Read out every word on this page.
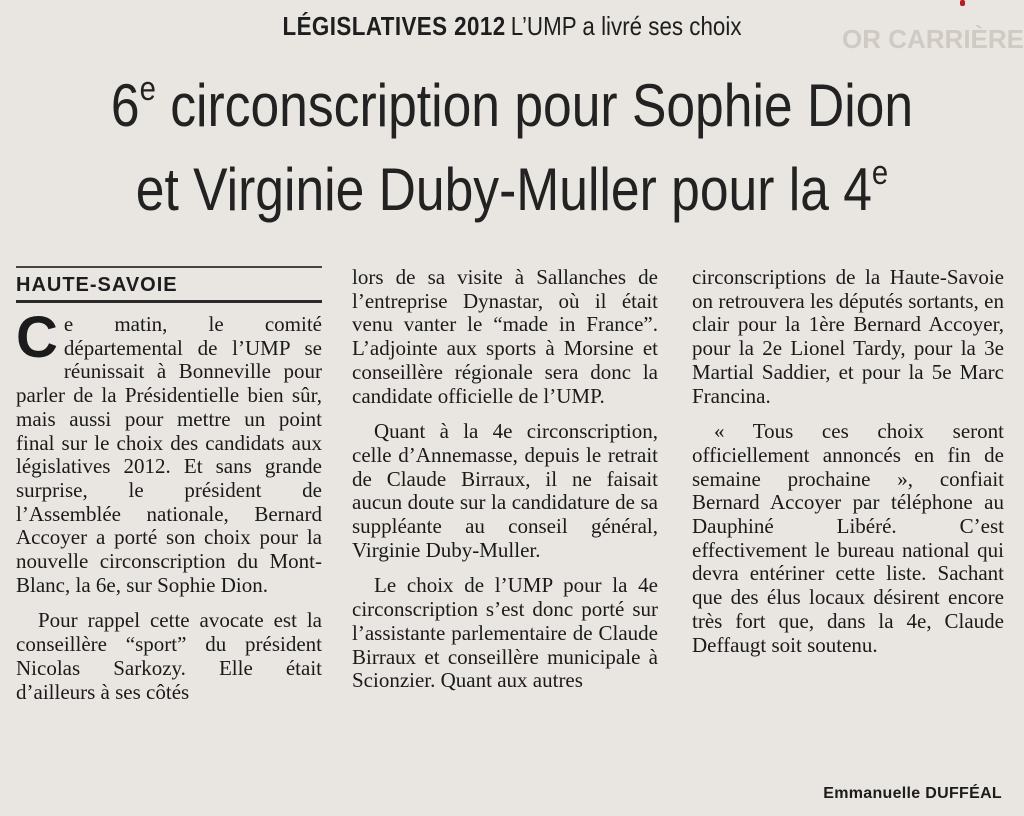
OR CARRIÈRE
LÉGISLATIVES 2012 L’UMP a livré ses choix
6e circonscription pour Sophie Dion
et Virginie Duby-Muller pour la 4e
HAUTE-SAVOIE

Ce matin, le comité départemental de l’UMP se réunissait à Bonneville pour parler de la Présidentielle bien sûr, mais aussi pour mettre un point final sur le choix des candidats aux législatives 2012. Et sans grande surprise, le président de l’Assemblée nationale, Bernard Accoyer a porté son choix pour la nouvelle circonscription du Mont-Blanc, la 6e, sur Sophie Dion.

Pour rappel cette avocate est la conseillère “sport” du président Nicolas Sarkozy. Elle était d’ailleurs à ses côtés

lors de sa visite à Sallanches de l’entreprise Dynastar, où il était venu vanter le “made in France”. L’adjointe aux sports à Morsine et conseillère régionale sera donc la candidate officielle de l’UMP.

Quant à la 4e circonscription, celle d’Annemasse, depuis le retrait de Claude Birraux, il ne faisait aucun doute sur la candidature de sa suppléante au conseil général, Virginie Duby-Muller.

Le choix de l’UMP pour la 4e circonscription s’est donc porté sur l’assistante parlementaire de Claude Birraux et conseillère municipale à Scionzier. Quant aux autres

circonscriptions de la Haute-Savoie on retrouvera les députés sortants, en clair pour la 1ère Bernard Accoyer, pour la 2e Lionel Tardy, pour la 3e Martial Saddier, et pour la 5e Marc Francina.

« Tous ces choix seront officiellement annoncés en fin de semaine prochaine », confiait Bernard Accoyer par téléphone au Dauphiné Libéré. C’est effectivement le bureau national qui devra entériner cette liste. Sachant que des élus locaux désirent encore très fort que, dans la 4e, Claude Deffaugt soit soutenu.

Emmanuelle DUFFÉAL
